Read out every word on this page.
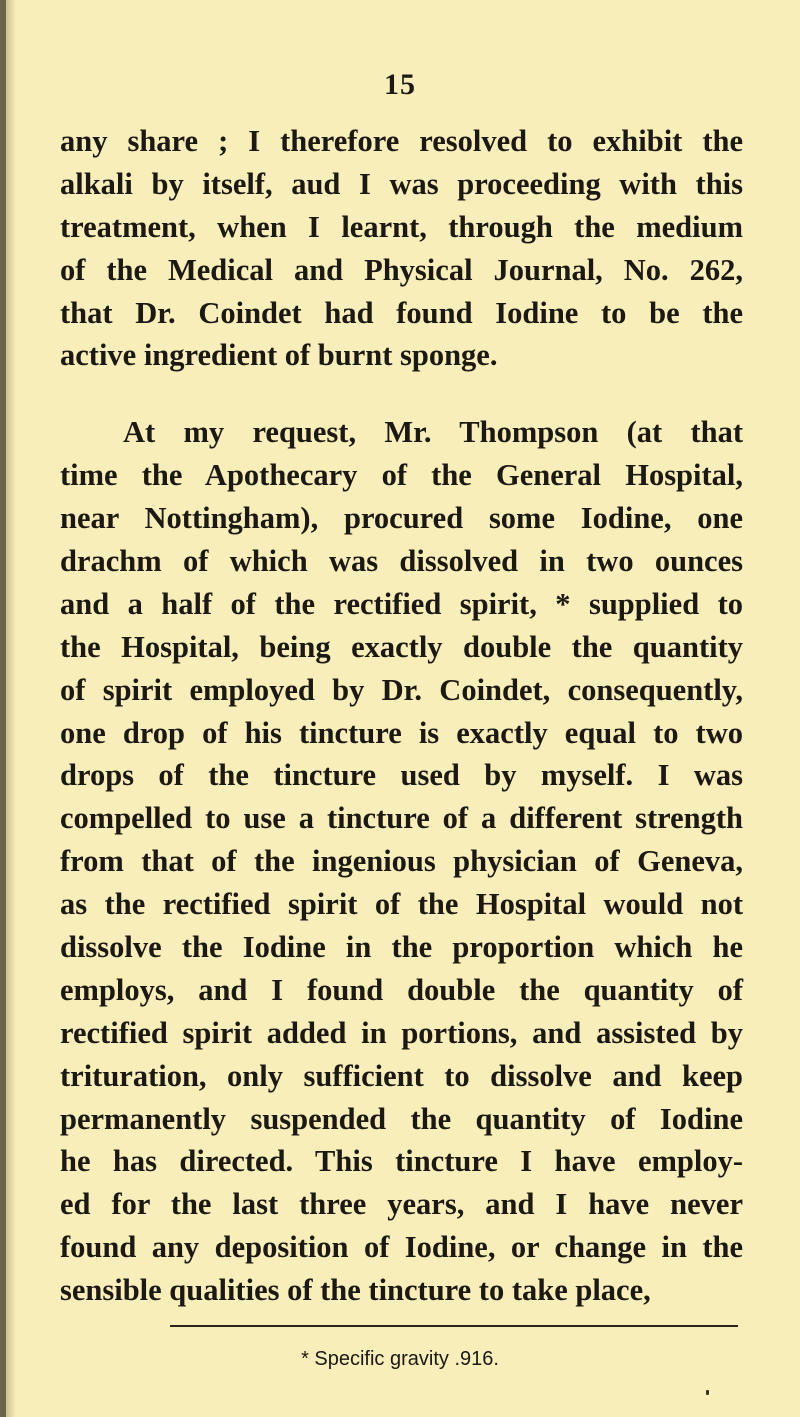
15
any share ; I therefore resolved to exhibit the
alkali by itself, aud I was proceeding with this
treatment, when I learnt, through the medium
of the Medical and Physical Journal, No. 262,
that Dr. Coindet had found Iodine to be the
active ingredient of burnt sponge.
At my request, Mr. Thompson (at that
time the Apothecary of the General Hospital,
near Nottingham), procured some Iodine, one
drachm of which was dissolved in two ounces
and a half of the rectified spirit, * supplied to
the Hospital, being exactly double the quantity
of spirit employed by Dr. Coindet, consequently,
one drop of his tincture is exactly equal to two
drops of the tincture used by myself. I was
compelled to use a tincture of a different strength
from that of the ingenious physician of Geneva,
as the rectified spirit of the Hospital would not
dissolve the Iodine in the proportion which he
employs, and I found double the quantity of
rectified spirit added in portions, and assisted by
trituration, only sufficient to dissolve and keep
permanently suspended the quantity of Iodine
he has directed. This tincture I have employ-
ed for the last three years, and I have never
found any deposition of Iodine, or change in the
sensible qualities of the tincture to take place,
* Specific gravity .916.
